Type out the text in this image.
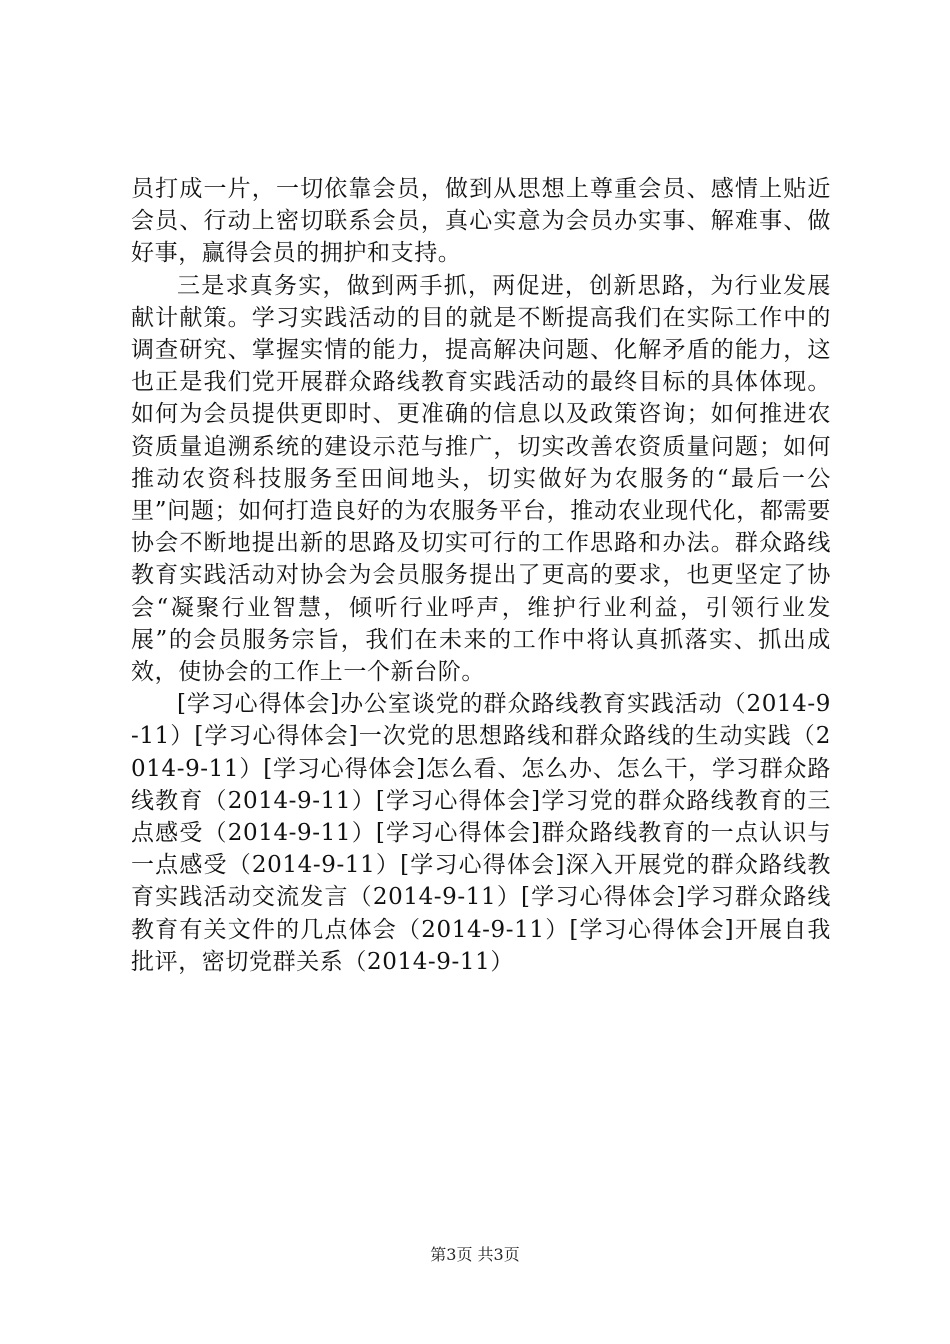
员打成一片，一切依靠会员，做到从思想上尊重会员、感情上贴近会员、行动上密切联系会员，真心实意为会员办实事、解难事、做好事，赢得会员的拥护和支持。

三是求真务实，做到两手抓，两促进，创新思路，为行业发展献计献策。学习实践活动的目的就是不断提高我们在实际工作中的调查研究、掌握实情的能力，提高解决问题、化解矛盾的能力，这也正是我们党开展群众路线教育实践活动的最终目标的具体体现。如何为会员提供更即时、更准确的信息以及政策咨询；如何推进农资质量追溯系统的建设示范与推广，切实改善农资质量问题；如何推动农资科技服务至田间地头，切实做好为农服务的“最后一公里”问题；如何打造良好的为农服务平台，推动农业现代化，都需要协会不断地提出新的思路及切实可行的工作思路和办法。群众路线教育实践活动对协会为会员服务提出了更高的要求，也更坚定了协会“凝聚行业智慧，倾听行业呼声，维护行业利益，引领行业发展”的会员服务宗旨，我们在未来的工作中将认真抓落实、抓出成效，使协会的工作上一个新台阶。

[学习心得体会]办公室谈党的群众路线教育实践活动（2014-9-11）[学习心得体会]一次党的思想路线和群众路线的生动实践（2014-9-11）[学习心得体会]怎么看、怎么办、怎么干，学习群众路线教育（2014-9-11）[学习心得体会]学习党的群众路线教育的三点感受（2014-9-11）[学习心得体会]群众路线教育的一点认识与一点感受（2014-9-11）[学习心得体会]深入开展党的群众路线教育实践活动交流发言（2014-9-11）[学习心得体会]学习群众路线教育有关文件的几点体会（2014-9-11）[学习心得体会]开展自我批评，密切党群关系（2014-9-11）

第3页 共3页
